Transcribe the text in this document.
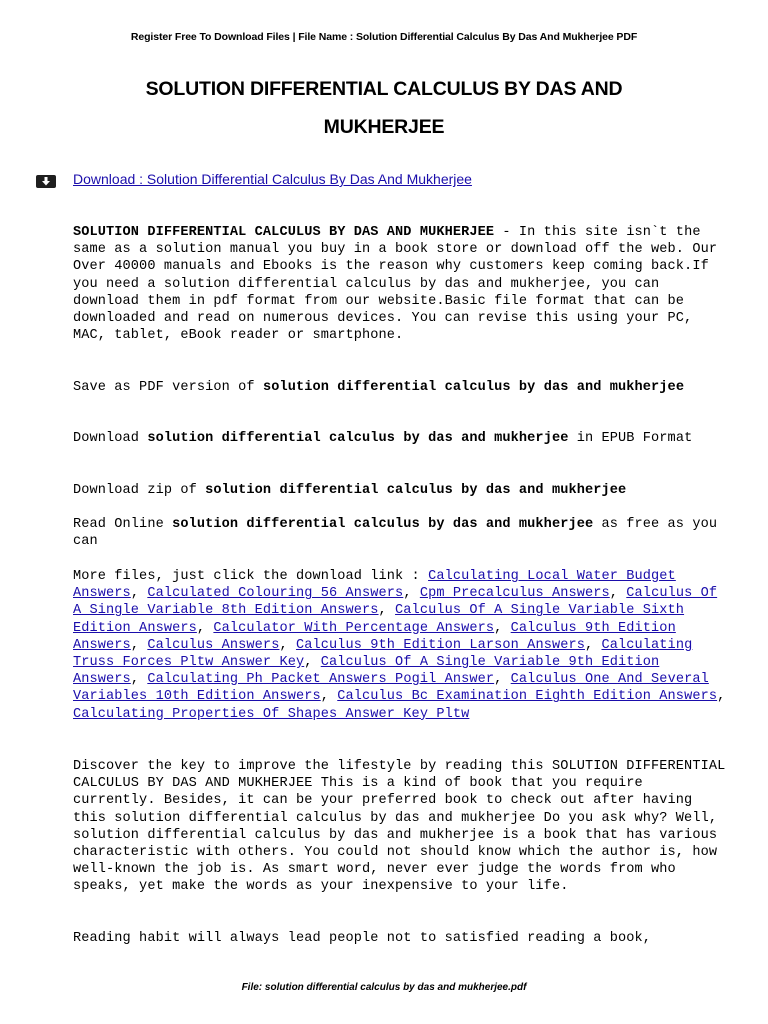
Register Free To Download Files | File Name : Solution Differential Calculus By Das And Mukherjee PDF
SOLUTION DIFFERENTIAL CALCULUS BY DAS AND
MUKHERJEE
Download : Solution Differential Calculus By Das And Mukherjee
SOLUTION DIFFERENTIAL CALCULUS BY DAS AND MUKHERJEE - In this site isn`t the same as a solution manual you buy in a book store or download off the web. Our Over 40000 manuals and Ebooks is the reason why customers keep coming back.If you need a solution differential calculus by das and mukherjee, you can download them in pdf format from our website.Basic file format that can be downloaded and read on numerous devices. You can revise this using your PC, MAC, tablet, eBook reader or smartphone.
Save as PDF version of solution differential calculus by das and mukherjee
Download solution differential calculus by das and mukherjee in EPUB Format
Download zip of solution differential calculus by das and mukherjee
Read Online solution differential calculus by das and mukherjee as free as you can
More files, just click the download link : Calculating Local Water Budget Answers, Calculated Colouring 56 Answers, Cpm Precalculus Answers, Calculus Of A Single Variable 8th Edition Answers, Calculus Of A Single Variable Sixth Edition Answers, Calculator With Percentage Answers, Calculus 9th Edition Answers, Calculus Answers, Calculus 9th Edition Larson Answers, Calculating Truss Forces Pltw Answer Key, Calculus Of A Single Variable 9th Edition Answers, Calculating Ph Packet Answers Pogil Answer, Calculus One And Several Variables 10th Edition Answers, Calculus Bc Examination Eighth Edition Answers, Calculating Properties Of Shapes Answer Key Pltw
Discover the key to improve the lifestyle by reading this SOLUTION DIFFERENTIAL CALCULUS BY DAS AND MUKHERJEE This is a kind of book that you require currently. Besides, it can be your preferred book to check out after having this solution differential calculus by das and mukherjee Do you ask why? Well, solution differential calculus by das and mukherjee is a book that has various characteristic with others. You could not should know which the author is, how well-known the job is. As smart word, never ever judge the words from who speaks, yet make the words as your inexpensive to your life.
Reading habit will always lead people not to satisfied reading a book,
File: solution differential calculus by das and mukherjee.pdf
